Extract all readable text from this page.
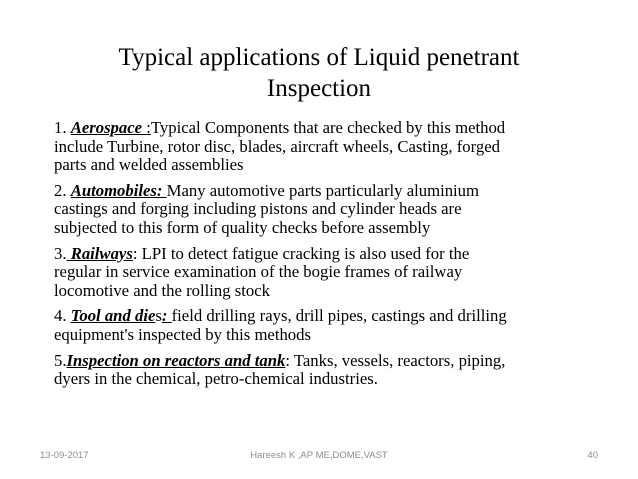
Typical applications of Liquid penetrant
Inspection
1. Aerospace :Typical Components that are checked by this method
include Turbine, rotor disc, blades, aircraft wheels, Casting, forged
parts and welded assemblies
2. Automobiles: Many automotive parts particularly aluminium
castings and forging including pistons and cylinder heads are
subjected to this form of quality checks before assembly
3. Railways: LPI to detect fatigue cracking is also used for the
regular in service examination of the bogie frames of railway
locomotive and the rolling stock
4. Tool and dies: field drilling rays, drill pipes, castings and drilling
equipment's inspected by this methods
5.Inspection on reactors and tank: Tanks, vessels, reactors, piping,
dyers in the chemical, petro-chemical industries.
13-09-2017	Hareesh K ,AP ME,DOME,VAST	40
